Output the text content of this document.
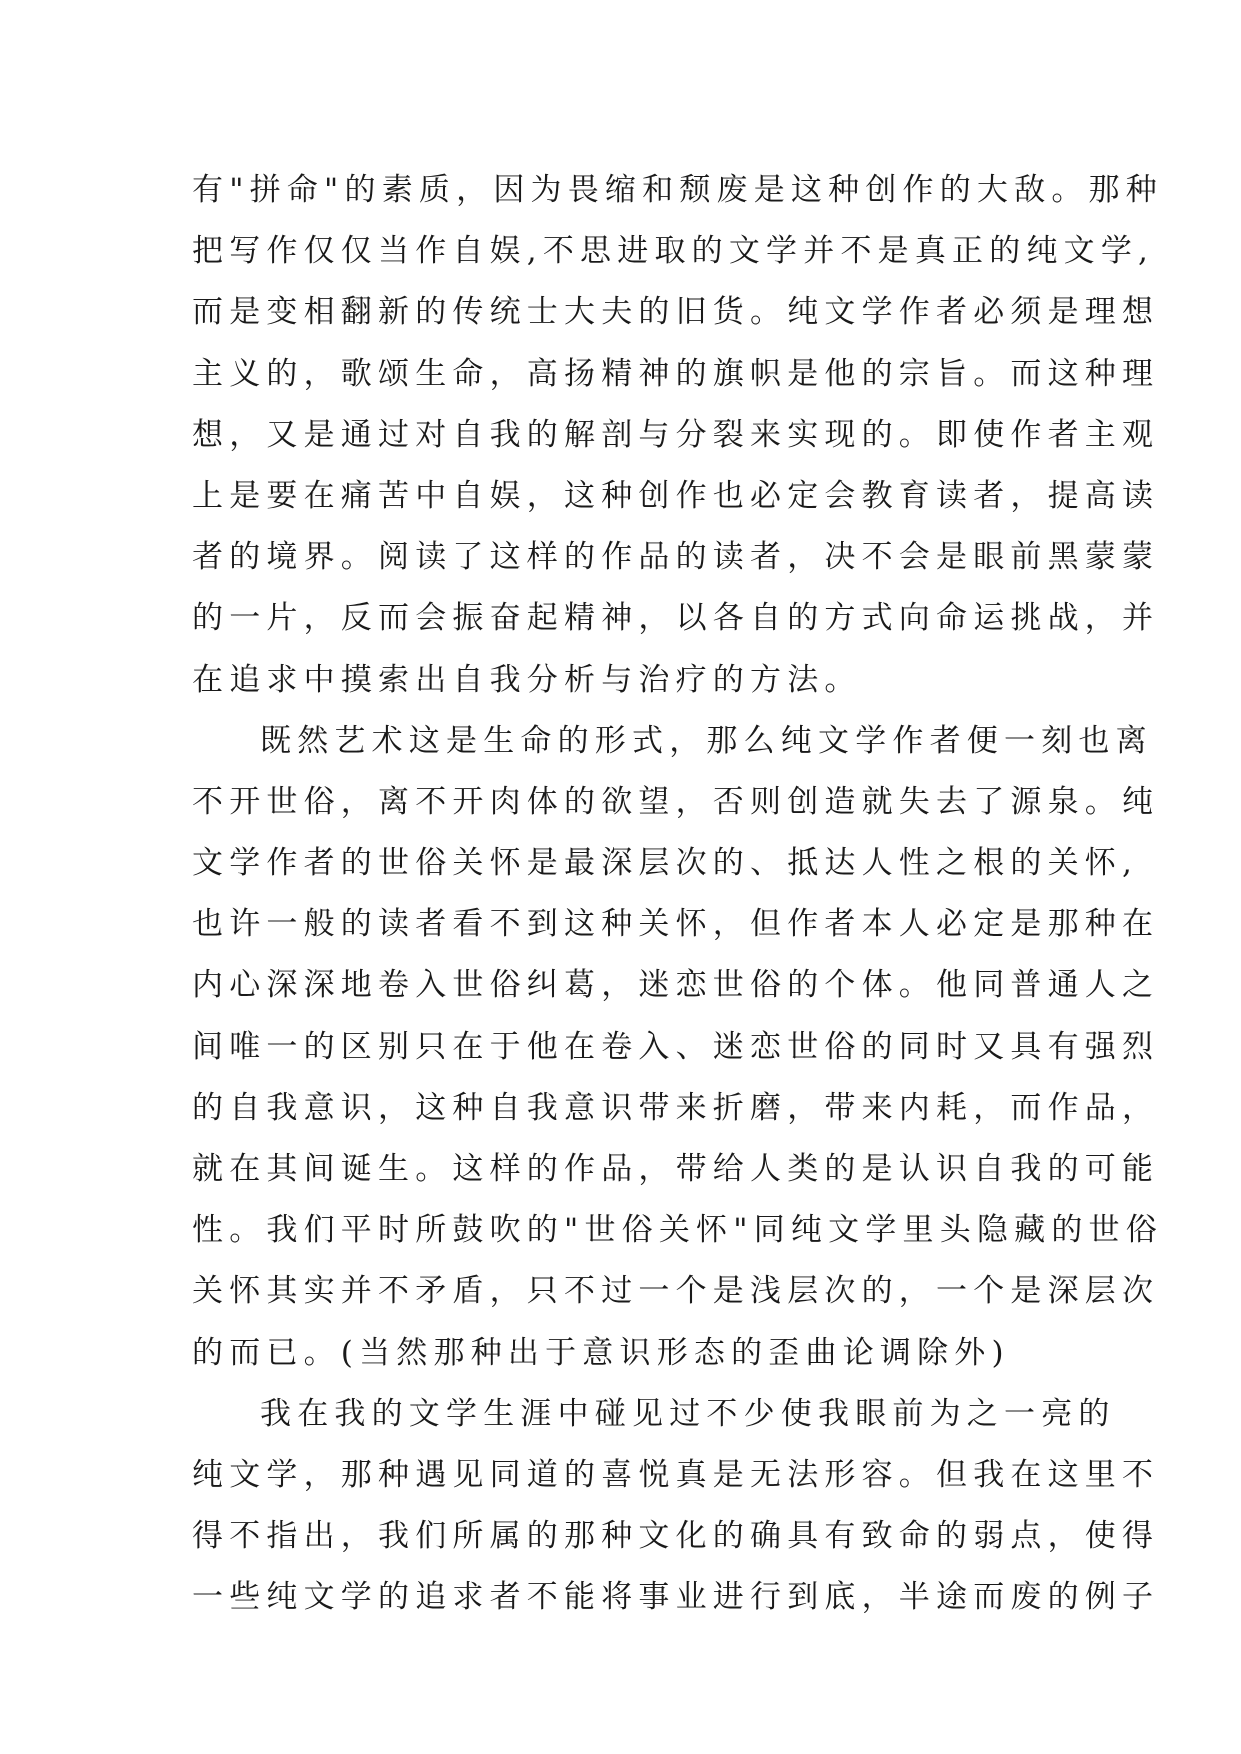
有"拼命"的素质，因为畏缩和颓废是这种创作的大敌。那种
把写作仅仅当作自娱,不思进取的文学并不是真正的纯文学,
而是变相翻新的传统士大夫的旧货。纯文学作者必须是理想
主义的，歌颂生命，高扬精神的旗帜是他的宗旨。而这种理
想，又是通过对自我的解剖与分裂来实现的。即使作者主观
上是要在痛苦中自娱，这种创作也必定会教育读者，提高读
者的境界。阅读了这样的作品的读者，决不会是眼前黑蒙蒙
的一片，反而会振奋起精神，以各自的方式向命运挑战，并
在追求中摸索出自我分析与治疗的方法。
既然艺术这是生命的形式，那么纯文学作者便一刻也离
不开世俗，离不开肉体的欲望，否则创造就失去了源泉。纯
文学作者的世俗关怀是最深层次的、抵达人性之根的关怀,
也许一般的读者看不到这种关怀，但作者本人必定是那种在
内心深深地卷入世俗纠葛，迷恋世俗的个体。他同普通人之
间唯一的区别只在于他在卷入、迷恋世俗的同时又具有强烈
的自我意识，这种自我意识带来折磨，带来内耗，而作品，
就在其间诞生。这样的作品，带给人类的是认识自我的可能
性。我们平时所鼓吹的"世俗关怀"同纯文学里头隐藏的世俗
关怀其实并不矛盾，只不过一个是浅层次的，一个是深层次
的而已。(当然那种出于意识形态的歪曲论调除外)
我在我的文学生涯中碰见过不少使我眼前为之一亮的
纯文学，那种遇见同道的喜悦真是无法形容。但我在这里不
得不指出，我们所属的那种文化的确具有致命的弱点，使得
一些纯文学的追求者不能将事业进行到底，半途而废的例子
